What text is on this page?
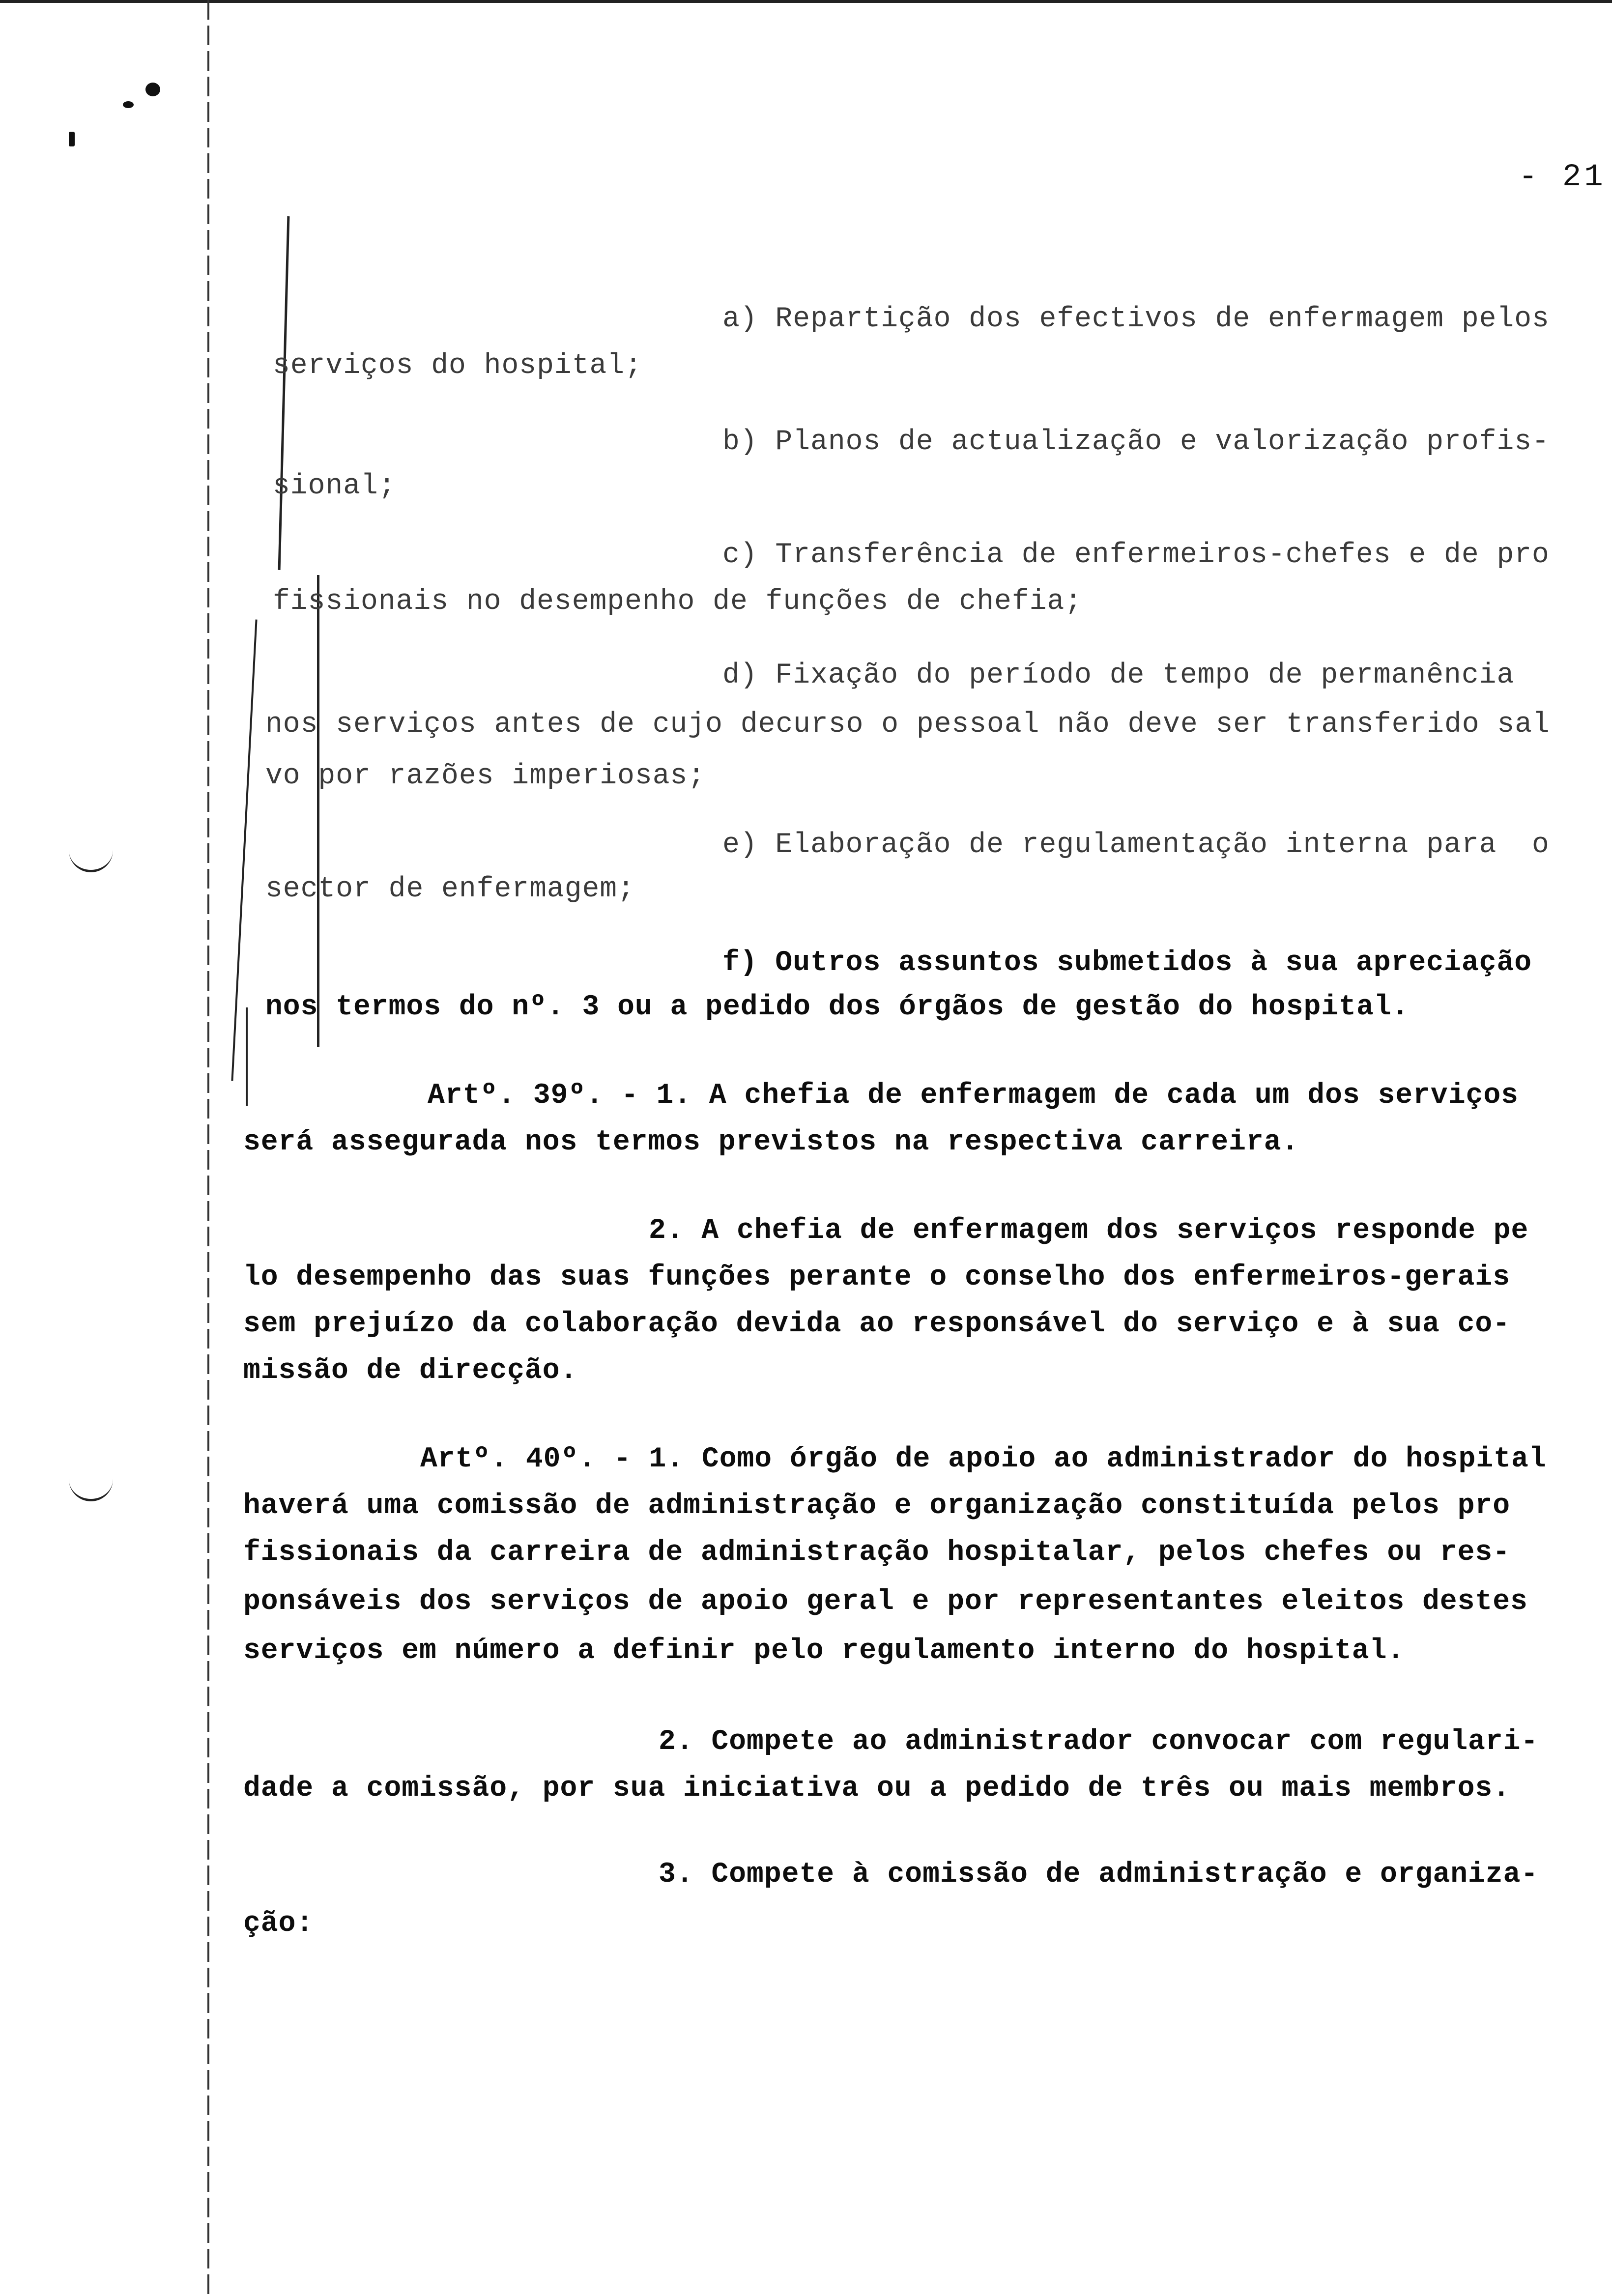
- 21
a) Repartição dos efectivos de enfermagem pelos
serviços do hospital;
b) Planos de actualização e valorização profis-
sional;
c) Transferência de enfermeiros-chefes e de pro
fissionais no desempenho de funções de chefia;
d) Fixação do período de tempo de permanência
nos serviços antes de cujo decurso o pessoal não deve ser transferido sal
vo por razões imperiosas;
e) Elaboração de regulamentação interna para  o
sector de enfermagem;
f) Outros assuntos submetidos à sua apreciação
nos termos do nº. 3 ou a pedido dos órgãos de gestão do hospital.
Artº. 39º. - 1. A chefia de enfermagem de cada um dos serviços
será assegurada nos termos previstos na respectiva carreira.
2. A chefia de enfermagem dos serviços responde pe
lo desempenho das suas funções perante o conselho dos enfermeiros-gerais
sem prejuízo da colaboração devida ao responsável do serviço e à sua co-
missão de direcção.
Artº. 40º. - 1. Como órgão de apoio ao administrador do hospital
haverá uma comissão de administração e organização constituída pelos pro
fissionais da carreira de administração hospitalar, pelos chefes ou res-
ponsáveis dos serviços de apoio geral e por representantes eleitos destes
serviços em número a definir pelo regulamento interno do hospital.
2. Compete ao administrador convocar com regulari-
dade a comissão, por sua iniciativa ou a pedido de três ou mais membros.
3. Compete à comissão de administração e organiza-
ção:
